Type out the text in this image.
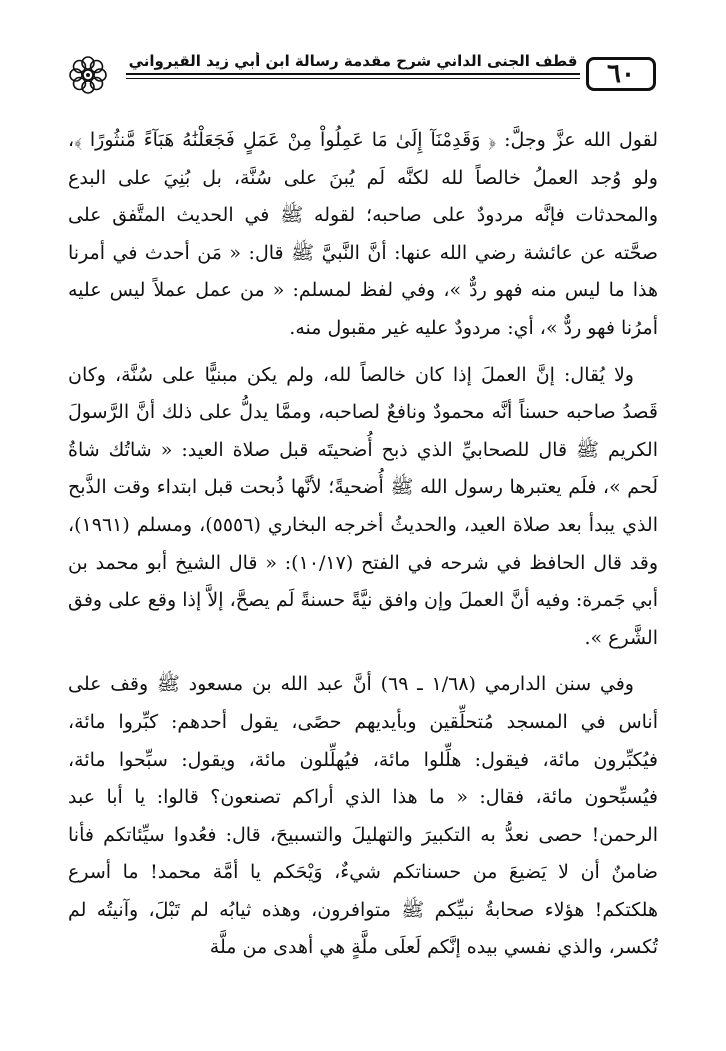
٦٠
قطف الجنى الداني شرح مقدمة رسالة ابن أبي زيد القيرواني

لقول الله عزَّ وجلَّ: ﴿ وَقَدِمْنَآ إِلَىٰ مَا عَمِلُواْ مِنْ عَمَلٍ فَجَعَلْنَٰهُ هَبَآءً مَّنثُورًا ﴾، ولو وُجد العملُ خالصاً لله لكنَّه لَم يُبنَ على سُنَّة، بل بُنِيَ على البدع والمحدثات فإنَّه مردودٌ على صاحبه؛ لقوله ﷺ في الحديث المتَّفق على صحَّته عن عائشة رضي الله عنها: أنَّ النَّبيَّ ﷺ قال: « مَن أحدث في أمرنا هذا ما ليس منه فهو ردٌّ »، وفي لفظ لمسلم: « من عمل عملاً ليس عليه أمرُنا فهو ردٌّ »، أي: مردودٌ عليه غير مقبول منه.

ولا يُقال: إنَّ العملَ إذا كان خالصاً لله، ولم يكن مبنيًّا على سُنَّة، وكان قَصدُ صاحبه حسناً أنَّه محمودٌ ونافعٌ لصاحبه، وممَّا يدلُّ على ذلك أنَّ الرَّسولَ الكريم ﷺ قال للصحابيِّ الذي ذبح أُضحيتَه قبل صلاة العيد: « شاتُك شاةُ لَحم »، فلَم يعتبرها رسول الله ﷺ أُضحيةً؛ لأنَّها ذُبحت قبل ابتداء وقت الذَّبح الذي يبدأ بعد صلاة العيد، والحديثُ أخرجه البخاري (٥٥٥٦)، ومسلم (١٩٦١)، وقد قال الحافظ في شرحه في الفتح (١٠/١٧): « قال الشيخ أبو محمد بن أبي جَمرة: وفيه أنَّ العملَ وإن وافق نيَّةً حسنةً لَم يصحَّ، إلاَّ إذا وقع على وفق الشَّرع ».

وفي سنن الدارمي (١/٦٨ ـ ٦٩) أنَّ عبد الله بن مسعود ﷺ وقف على أناس في المسجد مُتحلِّقين وبأيديهم حصًى، يقول أحدهم: كبِّروا مائة، فيُكبِّرون مائة، فيقول: هلِّلوا مائة، فيُهلِّلون مائة، ويقول: سبِّحوا مائة، فيُسبِّحون مائة، فقال: « ما هذا الذي أراكم تصنعون؟ قالوا: يا أبا عبد الرحمن! حصى نعدُّ به التكبيرَ والتهليلَ والتسبيحَ، قال: فعُدوا سيِّئاتكم فأنا ضامنٌ أن لا يَضيعَ من حسناتكم شيءٌ، وَيْحَكم يا أمَّة محمد! ما أسرع هلكتكم! هؤلاء صحابةُ نبيِّكم ﷺ متوافرون، وهذه ثيابُه لم تَبْلَ، وآنيتُه لم تُكسر، والذي نفسي بيده إنَّكم لَعلَى ملَّةٍ هي أهدى من ملَّة
